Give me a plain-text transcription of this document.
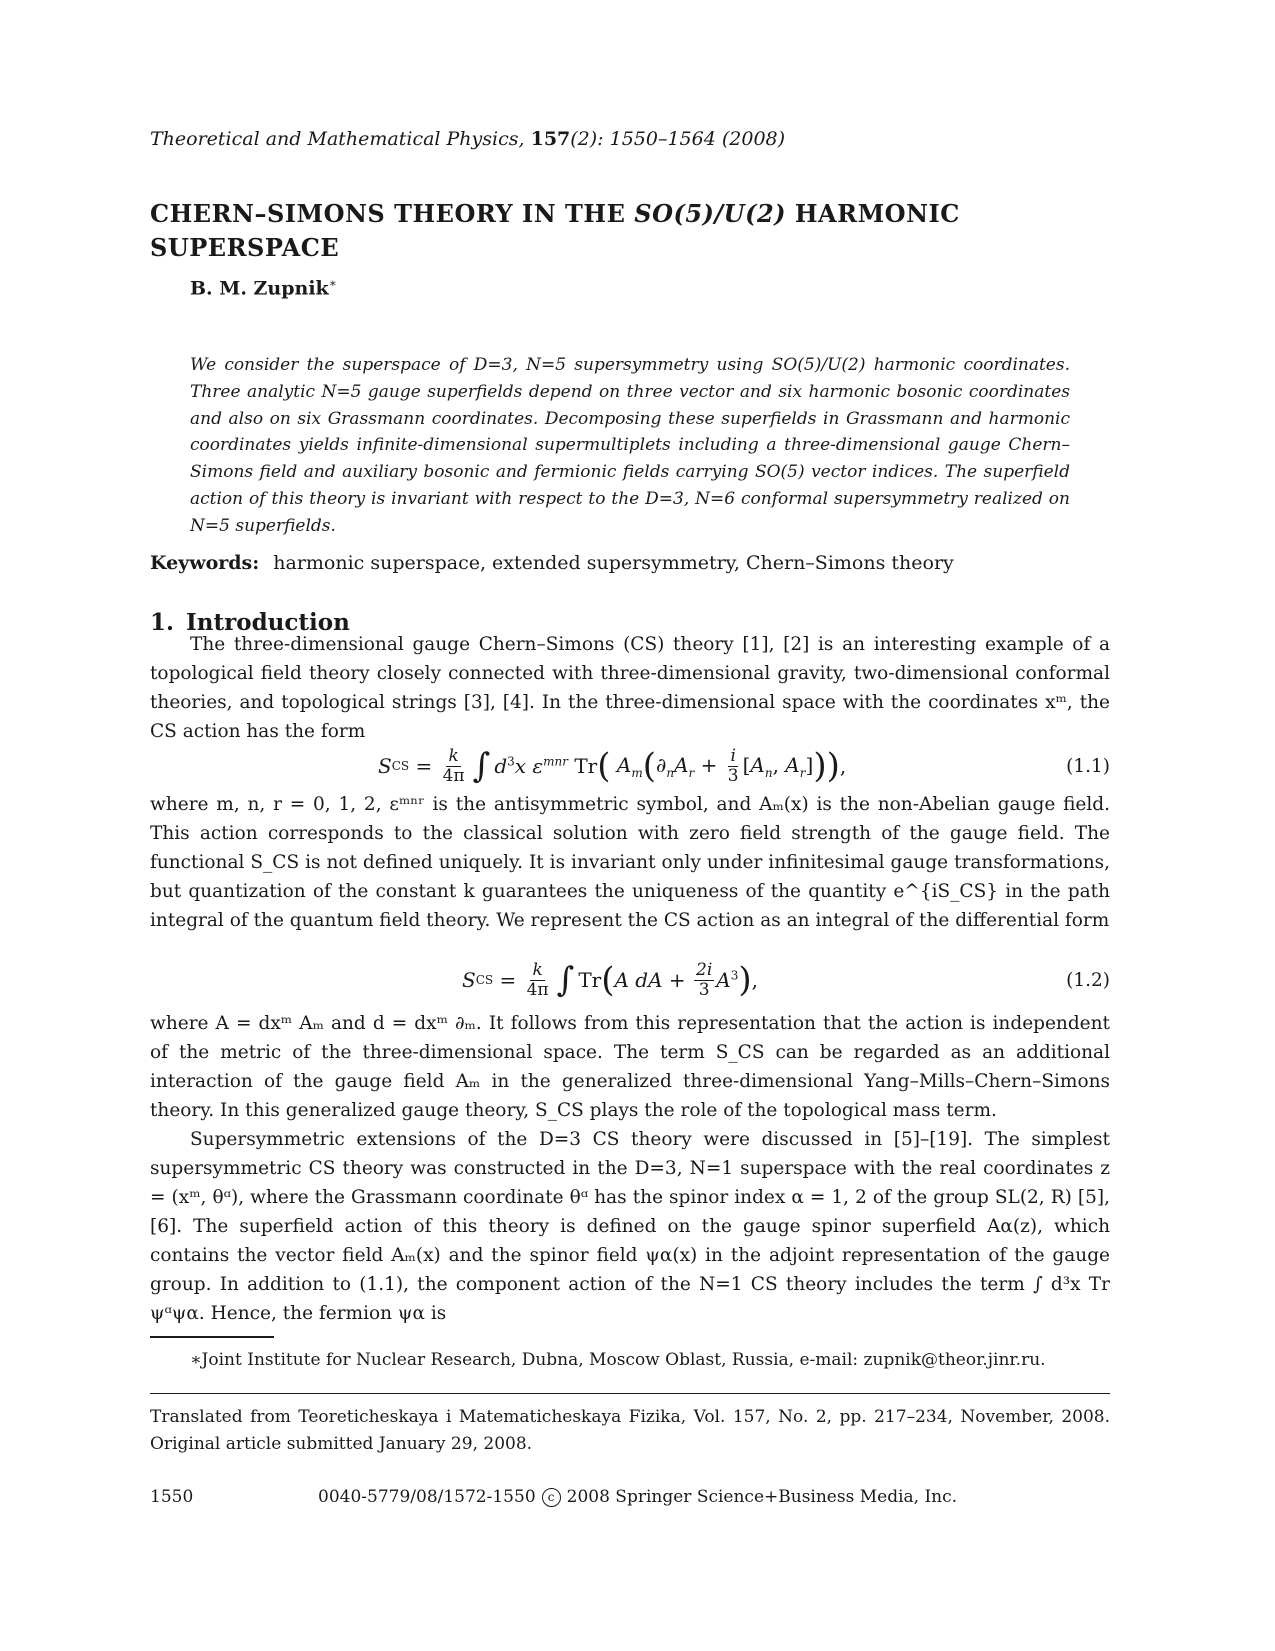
Theoretical and Mathematical Physics, 157(2): 1550–1564 (2008)
CHERN–SIMONS THEORY IN THE SO(5)/U(2) HARMONIC SUPERSPACE
B. M. Zupnik∗
We consider the superspace of D=3, N=5 supersymmetry using SO(5)/U(2) harmonic coordinates. Three analytic N=5 gauge superfields depend on three vector and six harmonic bosonic coordinates and also on six Grassmann coordinates. Decomposing these superfields in Grassmann and harmonic coordinates yields infinite-dimensional supermultiplets including a three-dimensional gauge Chern–Simons field and auxiliary bosonic and fermionic fields carrying SO(5) vector indices. The superfield action of this theory is invariant with respect to the D=3, N=6 conformal supersymmetry realized on N=5 superfields.
Keywords: harmonic superspace, extended supersymmetry, Chern–Simons theory
1. Introduction
The three-dimensional gauge Chern–Simons (CS) theory [1], [2] is an interesting example of a topological field theory closely connected with three-dimensional gravity, two-dimensional conformal theories, and topological strings [3], [4]. In the three-dimensional space with the coordinates xᵐ, the CS action has the form
S CS = $\frac{k}{4\pi}$ ∫ $d^3x$ $\varepsilon^{mnr}$ Tr ( $A_m$ ( $\partial_nA_r + \frac{i}{3} [A_n$, $A_r$] )) ,	(1.1)
where m, n, r = 0, 1, 2, εᵐⁿʳ is the antisymmetric symbol, and Aₘ(x) is the non-Abelian gauge field. This action corresponds to the classical solution with zero field strength of the gauge field. The functional S_CS is not defined uniquely. It is invariant only under infinitesimal gauge transformations, but quantization of the constant k guarantees the uniqueness of the quantity e^{iS_CS} in the path integral of the quantum field theory. We represent the CS action as an integral of the differential form
S CS = $\frac{k}{4\pi}$ ∫ Tr ( A dA + $\frac{2i}{3} A^3$ ) ,	(1.2)
where A = dxᵐ Aₘ and d = dxᵐ ∂ₘ. It follows from this representation that the action is independent of the metric of the three-dimensional space. The term S_CS can be regarded as an additional interaction of the gauge field Aₘ in the generalized three-dimensional Yang–Mills–Chern–Simons theory. In this generalized gauge theory, S_CS plays the role of the topological mass term.
Supersymmetric extensions of the D=3 CS theory were discussed in [5]–[19]. The simplest supersymmetric CS theory was constructed in the D=3, N=1 superspace with the real coordinates z = (xᵐ, θᵅ), where the Grassmann coordinate θᵅ has the spinor index α = 1, 2 of the group SL(2, R) [5], [6]. The superfield action of this theory is defined on the gauge spinor superfield Aα(z), which contains the vector field Aₘ(x) and the spinor field ψα(x) in the adjoint representation of the gauge group. In addition to (1.1), the component action of the N=1 CS theory includes the term ∫ d³x Tr ψᵅψα. Hence, the fermion ψα is
∗Joint Institute for Nuclear Research, Dubna, Moscow Oblast, Russia, e-mail: zupnik@theor.jinr.ru.
Translated from Teoreticheskaya i Matematicheskaya Fizika, Vol. 157, No. 2, pp. 217–234, November, 2008. Original article submitted January 29, 2008.
1550	0040-5779/08/1572-1550 c 2008 Springer Science+Business Media, Inc.
